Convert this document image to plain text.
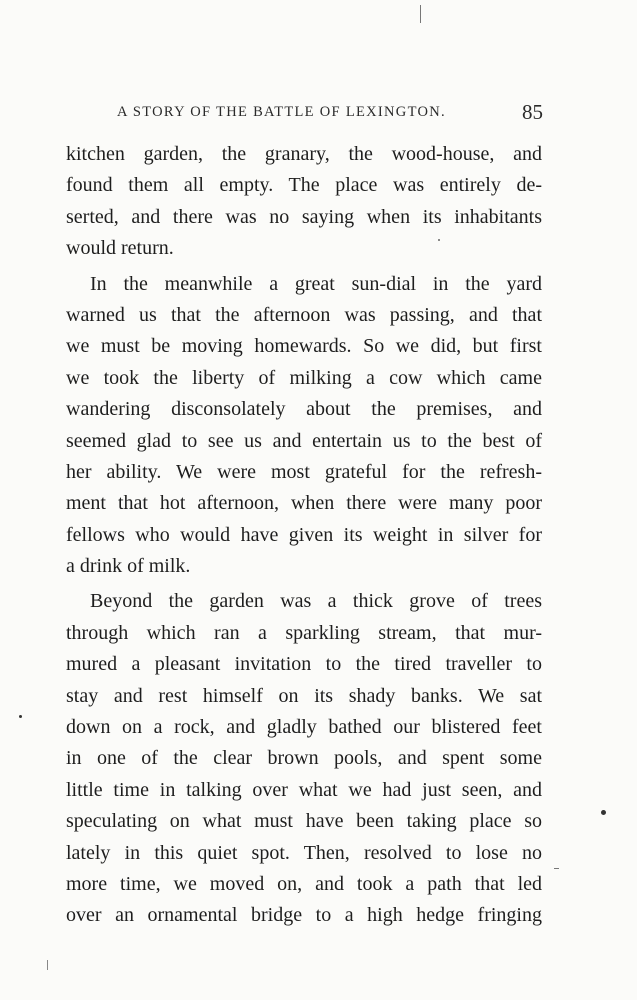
A STORY OF THE BATTLE OF LEXINGTON.	85
kitchen garden, the granary, the wood-house, and
found them all empty. The place was entirely de-
serted, and there was no saying when its inhabitants
would return.
In the meanwhile a great sun-dial in the yard
warned us that the afternoon was passing, and that
we must be moving homewards. So we did, but first
we took the liberty of milking a cow which came
wandering disconsolately about the premises, and
seemed glad to see us and entertain us to the best of
her ability. We were most grateful for the refresh-
ment that hot afternoon, when there were many poor
fellows who would have given its weight in silver for
a drink of milk.
Beyond the garden was a thick grove of trees
through which ran a sparkling stream, that mur-
mured a pleasant invitation to the tired traveller to
stay and rest himself on its shady banks. We sat
down on a rock, and gladly bathed our blistered feet
in one of the clear brown pools, and spent some
little time in talking over what we had just seen, and
speculating on what must have been taking place so
lately in this quiet spot. Then, resolved to lose no
more time, we moved on, and took a path that led
over an ornamental bridge to a high hedge fringing
